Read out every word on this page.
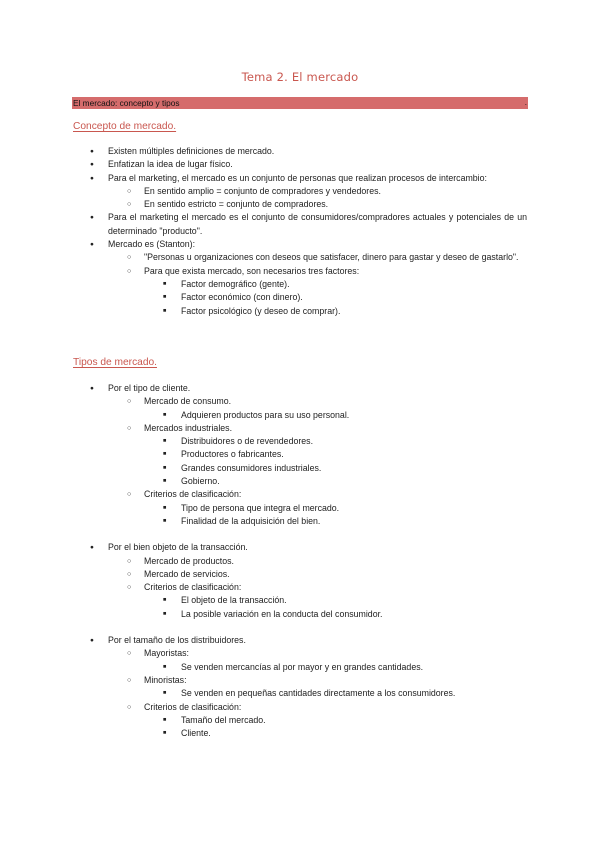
Tema 2. El mercado
El mercado: concepto y tipos	.
Concepto de mercado.
● Existen múltiples definiciones de mercado.
● Enfatizan la idea de lugar físico.
● Para el marketing, el mercado es un conjunto de personas que realizan procesos de intercambio:
○ En sentido amplio = conjunto de compradores y vendedores.
○ En sentido estricto = conjunto de compradores.
● Para el marketing el mercado es el conjunto de consumidores/compradores actuales y potenciales de un determinado "producto".
● Mercado es (Stanton):
○ "Personas u organizaciones con deseos que satisfacer, dinero para gastar y deseo de gastarlo".
○ Para que exista mercado, son necesarios tres factores:
■ Factor demográfico (gente).
■ Factor económico (con dinero).
■ Factor psicológico (y deseo de comprar).
Tipos de mercado.
● Por el tipo de cliente.
○ Mercado de consumo.
■ Adquieren productos para su uso personal.
○ Mercados industriales.
■ Distribuidores o de revendedores.
■ Productores o fabricantes.
■ Grandes consumidores industriales.
■ Gobierno.
○ Criterios de clasificación:
■ Tipo de persona que integra el mercado.
■ Finalidad de la adquisición del bien.
● Por el bien objeto de la transacción.
○ Mercado de productos.
○ Mercado de servicios.
○ Criterios de clasificación:
■ El objeto de la transacción.
■ La posible variación en la conducta del consumidor.
● Por el tamaño de los distribuidores.
○ Mayoristas:
■ Se venden mercancías al por mayor y en grandes cantidades.
○ Minoristas:
■ Se venden en pequeñas cantidades directamente a los consumidores.
○ Criterios de clasificación:
■ Tamaño del mercado.
■ Cliente.
